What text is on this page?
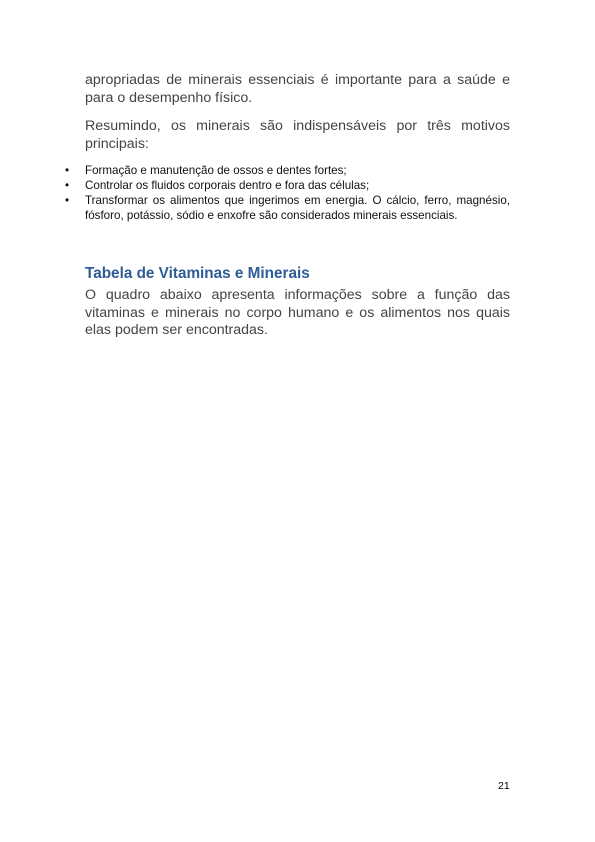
apropriadas de minerais essenciais é importante para a saúde e para o desempenho físico.

Resumindo, os minerais são indispensáveis por três motivos principais:

• Formação e manutenção de ossos e dentes fortes;
• Controlar os fluidos corporais dentro e fora das células;
• Transformar os alimentos que ingerimos em energia. O cálcio, ferro, magnésio, fósforo, potássio, sódio e enxofre são considerados minerais essenciais.
Tabela de Vitaminas e Minerais

O quadro abaixo apresenta informações sobre a função das vitaminas e minerais no corpo humano e os alimentos nos quais elas podem ser encontradas.

21
